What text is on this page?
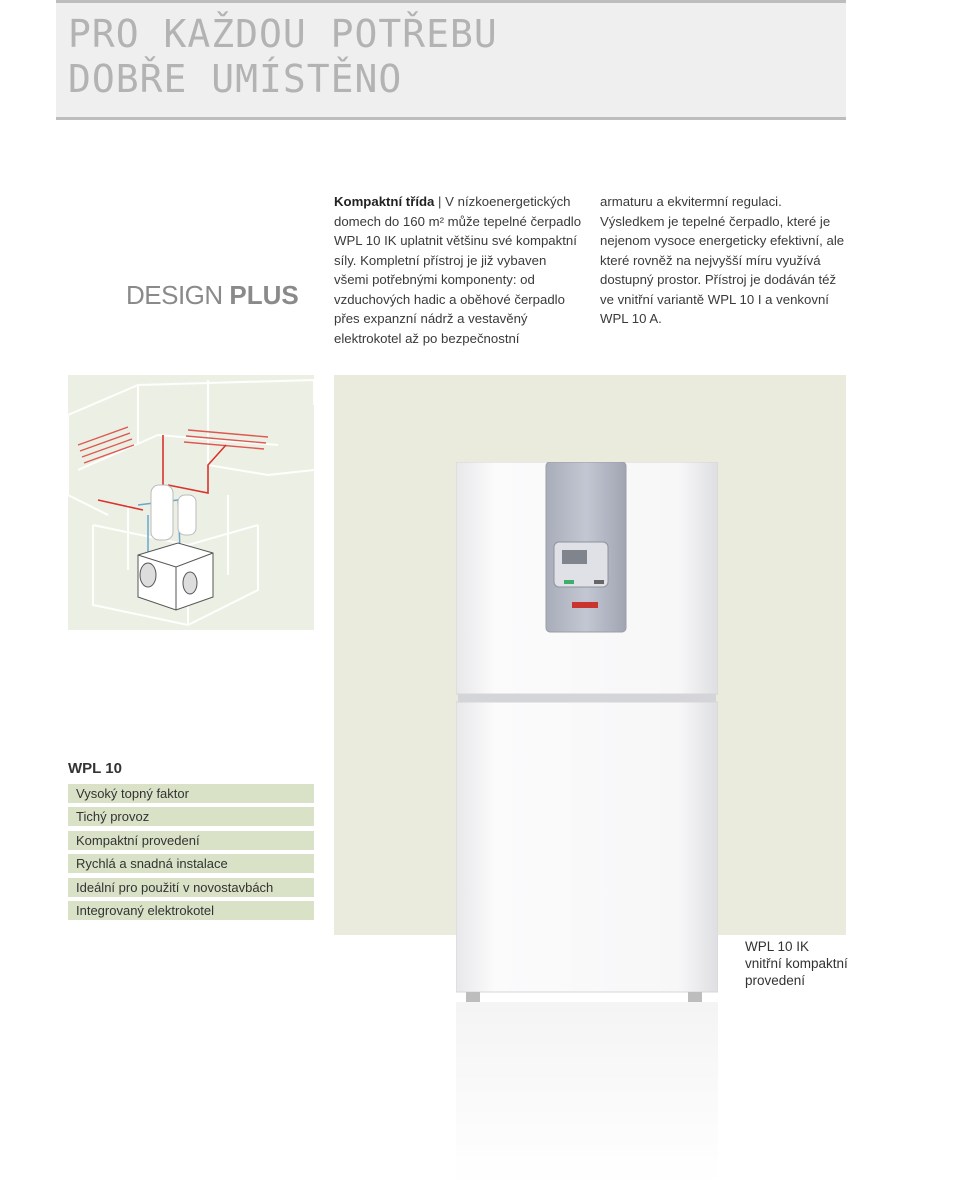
PRO KAŽDOU POTŘEBU
DOBŘE UMÍSTĚNO
DESIGN PLUS
Kompaktní třída | V nízkoenergetických domech do 160 m² může tepelné čerpadlo WPL 10 IK uplatnit většinu své kompaktní síly. Kompletní přístroj je již vybaven všemi potřebnými komponenty: od vzduchových hadic a oběhové čerpadlo přes expanzní nádrž a vestavěný elektrokotel až po bezpečnostní
armaturu a ekvitermní regulaci. Výsledkem je tepelné čerpadlo, které je nejenom vysoce energeticky efektivní, ale které rovněž na nejvyšší míru využívá dostupný prostor. Přístroj je dodáván též ve vnitřní variantě WPL 10 I a venkovní WPL 10 A.
WPL 10
Vysoký topný faktor
Tichý provoz
Kompaktní provedení
Rychlá a snadná instalace
Ideální pro použití v novostavbách
Integrovaný elektrokotel
WPL 10 IK
vnitřní kompaktní
provedení
